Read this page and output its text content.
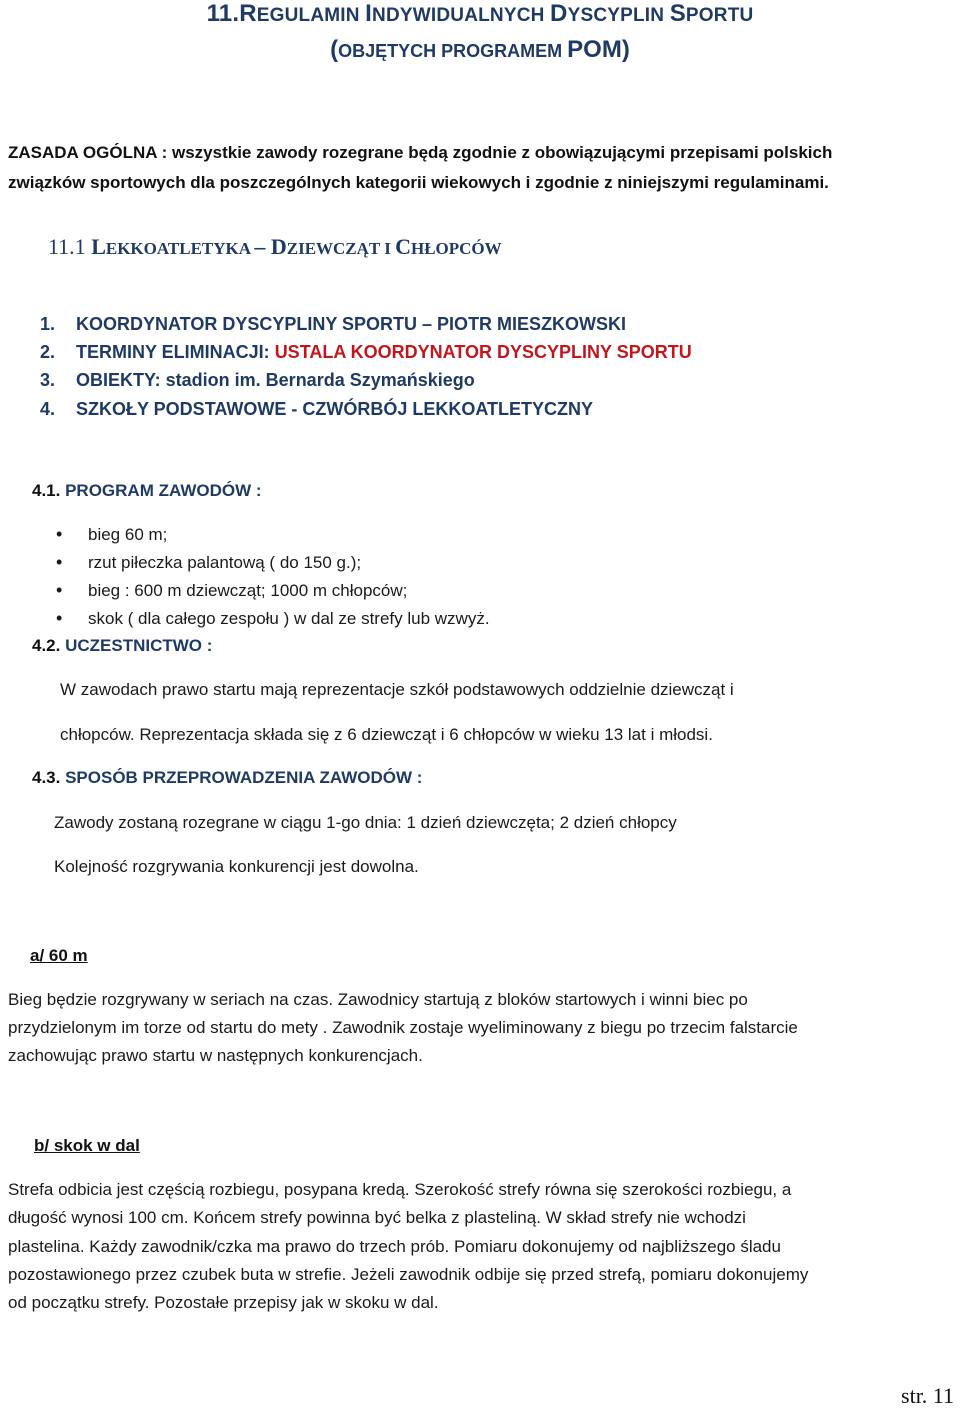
11.REGULAMIN INDYWIDUALNYCH DYSCYPLIN SPORTU
(OBJĘTYCH PROGRAMEM POM)
ZASADA OGÓLNA : wszystkie zawody rozegrane będą zgodnie z obowiązującymi przepisami polskich
związków sportowych dla poszczególnych kategorii wiekowych i zgodnie z niniejszymi regulaminami.
11.1 LEKKOATLETYKA – DZIEWCZĄT I CHŁOPCÓW
1. KOORDYNATOR DYSCYPLINY SPORTU – PIOTR MIESZKOWSKI
2. TERMINY ELIMINACJI: USTALA KOORDYNATOR DYSCYPLINY SPORTU
3. OBIEKTY: stadion im. Bernarda Szymańskiego
4. SZKOŁY PODSTAWOWE - CZWÓRBÓJ LEKKOATLETYCZNY
4.1. PROGRAM ZAWODÓW :
• bieg 60 m;
• rzut piłeczka palantową ( do 150 g.);
• bieg : 600 m dziewcząt; 1000 m chłopców;
• skok ( dla całego zespołu ) w dal ze strefy lub wzwyż.
4.2. UCZESTNICTWO :
W zawodach prawo startu mają reprezentacje szkół podstawowych oddzielnie dziewcząt i
chłopców. Reprezentacja składa się z 6 dziewcząt i 6 chłopców w wieku 13 lat i młodsi.
4.3. SPOSÓB PRZEPROWADZENIA ZAWODÓW :
Zawody zostaną rozegrane w ciągu 1-go dnia: 1 dzień dziewczęta; 2 dzień chłopcy
Kolejność rozgrywania konkurencji jest dowolna.
a/ 60 m
Bieg będzie rozgrywany w seriach na czas. Zawodnicy startują z bloków startowych i winni biec po
przydzielonym im torze od startu do mety . Zawodnik zostaje wyeliminowany z biegu po trzecim falstarcie
zachowując prawo startu w następnych konkurencjach.
b/ skok w dal
Strefa odbicia jest częścią rozbiegu, posypana kredą. Szerokość strefy równa się szerokości rozbiegu, a
długość wynosi 100 cm. Końcem strefy powinna być belka z plasteliną. W skład strefy nie wchodzi
plastelina. Każdy zawodnik/czka ma prawo do trzech prób. Pomiaru dokonujemy od najbliższego śladu
pozostawionego przez czubek buta w strefie. Jeżeli zawodnik odbije się przed strefą, pomiaru dokonujemy
od początku strefy. Pozostałe przepisy jak w skoku w dal.
str. 11
